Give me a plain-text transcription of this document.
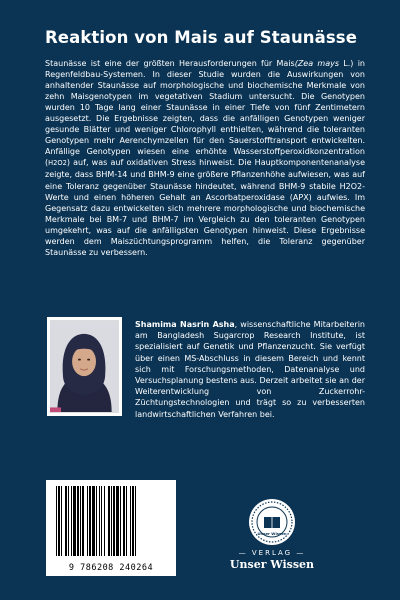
Reaktion von Mais auf Staunässe

Staunässe ist eine der größten Herausforderungen für Mais(Zea mays L.) in Regenfeldbau-Systemen. In dieser Studie wurden die Auswirkungen von anhaltender Staunässe auf morphologische und biochemische Merkmale von zehn Maisgenotypen im vegetativen Stadium untersucht. Die Genotypen wurden 10 Tage lang einer Staunässe in einer Tiefe von fünf Zentimetern ausgesetzt. Die Ergebnisse zeigten, dass die anfälligen Genotypen weniger gesunde Blätter und weniger Chlorophyll enthielten, während die toleranten Genotypen mehr Aerenchymzellen für den Sauerstofftransport entwickelten. Anfällige Genotypen wiesen eine erhöhte Wasserstoffperoxidkonzentration (H2O2) auf, was auf oxidativen Stress hinweist. Die Hauptkomponentenanalyse zeigte, dass BHM-14 und BHM-9 eine größere Pflanzenhöhe aufwiesen, was auf eine Toleranz gegenüber Staunässe hindeutet, während BHM-9 stabile H2O2-Werte und einen höheren Gehalt an Ascorbatperoxidase (APX) aufwies. Im Gegensatz dazu entwickelten sich mehrere morphologische und biochemische Merkmale bei BM-7 und BHM-7 im Vergleich zu den toleranten Genotypen umgekehrt, was auf die anfälligsten Genotypen hinweist. Diese Ergebnisse werden dem Maiszüchtungsprogramm helfen, die Toleranz gegenüber Staunässe zu verbessern.

Shamima Nasrin Asha, wissenschaftliche Mitarbeiterin am Bangladesh Sugarcrop Research Institute, ist spezialisiert auf Genetik und Pflanzenzucht. Sie verfügt über einen MS-Abschluss in diesem Bereich und kennt sich mit Forschungsmethoden, Datenanalyse und Versuchsplanung bestens aus. Derzeit arbeitet sie an der Weiterentwicklung von Zuckerrohr-Züchtungstechnologien und trägt so zu verbesserten landwirtschaftlichen Verfahren bei.

9 786208 240264
Unser Wissen
— VERLAG —
Unser Wissen
